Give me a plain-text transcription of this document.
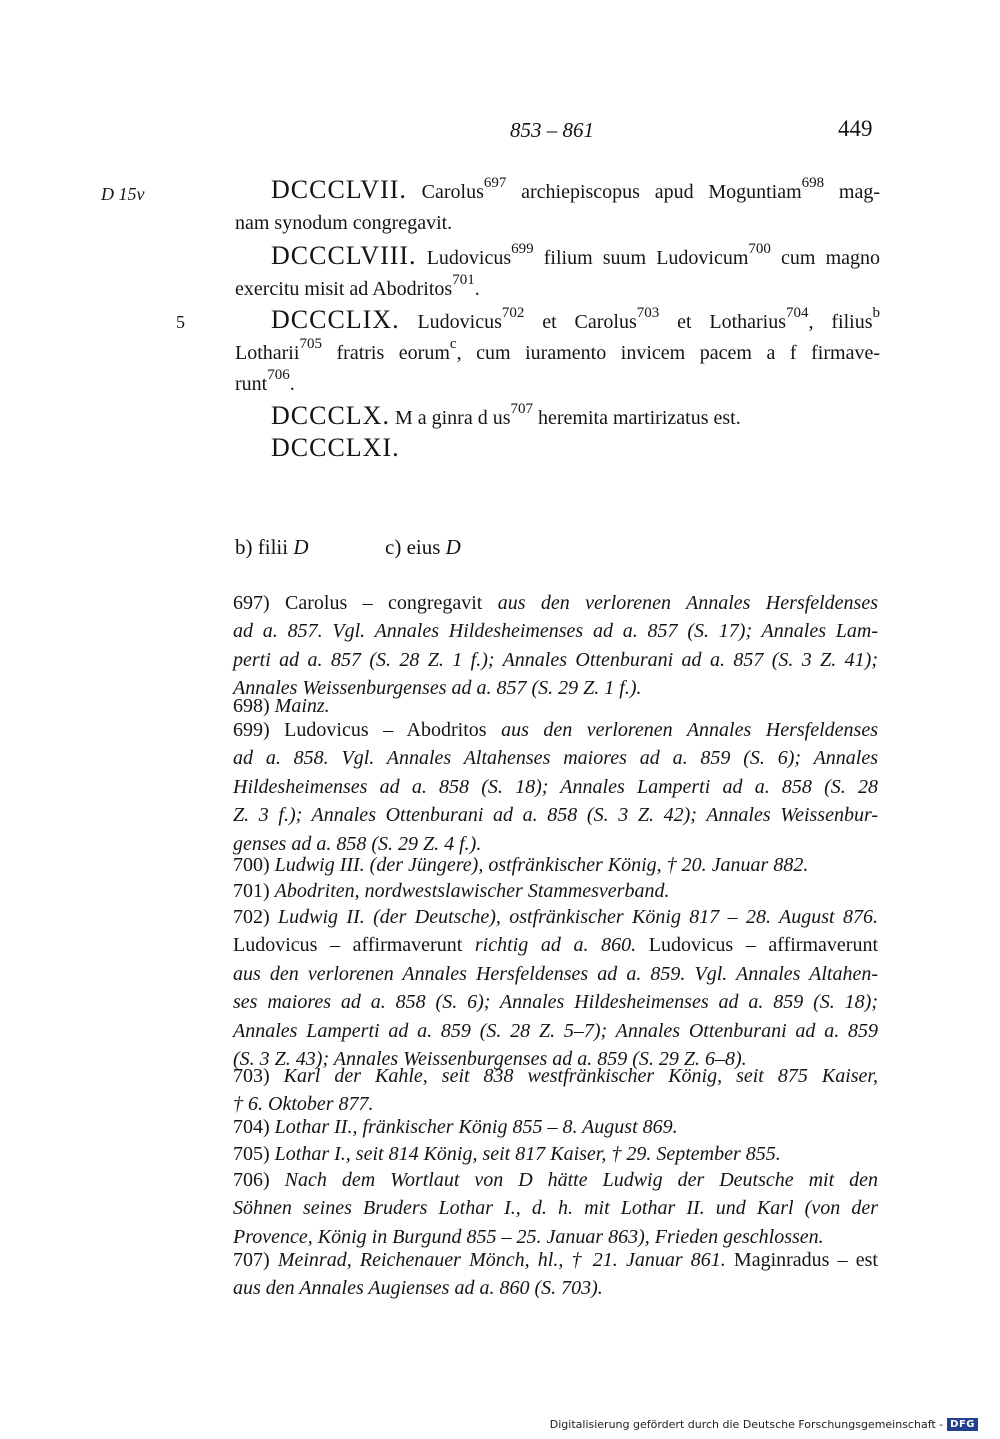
853 – 861	449
D 15v
5
DCCCLVII. Carolus$^{697}$ archiepiscopus apud Moguntiam$^{698}$ mag-
nam synodum congregavit.
DCCCLVIII. Ludovicus$^{699}$ filium suum Ludovicum$^{700}$ cum magno
exercitu misit ad Abodritos$^{701}$.
DCCCLIX. Ludovicus$^{702}$ et Carolus$^{703}$ et Lotharius$^{704}$, filius$^b$
Lotharii$^{705}$ fratris eorum$^c$, cum iuramento invicem pacem a f firmave-
runt$^{706}$.
DCCCLX. M a ginra d $us^{707}$ heremita martirizatus est.
DCCCLXI.
b) filii D	c) eius D

697) Carolus – congregavit aus den verlorenen Annales Hersfeldenses

ad a. 857. Vgl. Annales Hildesheimenses ad a. 857 (S. 17); Annales Lam-

perti ad a. 857 (S. 28 Z. 1 f.); Annales Ottenburani ad a. 857 (S. 3 Z. 41);

Annales Weissenburgenses ad a. 857 (S. 29 Z. 1 f.).

698) Mainz.

699) Ludovicus – Abodritos aus den verlorenen Annales Hersfeldenses

ad a. 858. Vgl. Annales Altahenses maiores ad a. 859 (S. 6); Annales

Hildesheimenses ad a. 858 (S. 18); Annales Lamperti ad a. 858 (S. 28

Z. 3 f.); Annales Ottenburani ad a. 858 (S. 3 Z. 42); Annales Weissenbur-

genses ad a. 858 (S. 29 Z. 4 f.).

700) Ludwig III. (der Jüngere), ostfränkischer König, † 20. Januar 882.

701) Abodriten, nordwestslawischer Stammesverband.

702) Ludwig II. (der Deutsche), ostfränkischer König 817 – 28. August 876.

Ludovicus – affirmaverunt richtig ad a. 860. Ludovicus – affirmaverunt

aus den verlorenen Annales Hersfeldenses ad a. 859. Vgl. Annales Altahen-

ses maiores ad a. 858 (S. 6); Annales Hildesheimenses ad a. 859 (S. 18);

Annales Lamperti ad a. 859 (S. 28 Z. 5–7); Annales Ottenburani ad a. 859

(S. 3 Z. 43); Annales Weissenburgenses ad a. 859 (S. 29 Z. 6–8).

703) Karl der Kahle, seit 838 westfränkischer König, seit 875 Kaiser,

† 6. Oktober 877.

704) Lothar II., fränkischer König 855 – 8. August 869.

705) Lothar I., seit 814 König, seit 817 Kaiser, † 29. September 855.

706) Nach dem Wortlaut von D hätte Ludwig der Deutsche mit den

Söhnen seines Bruders Lothar I., d. h. mit Lothar II. und Karl (von der

Provence, König in Burgund 855 – 25. Januar 863), Frieden geschlossen.

707) Meinrad, Reichenauer Mönch, hl., † 21. Januar 861. Maginradus – est

aus den Annales Augienses ad a. 860 (S. 703).

Digitalisierung gefördert durch die Deutsche Forschungsgemeinschaft - DFG
